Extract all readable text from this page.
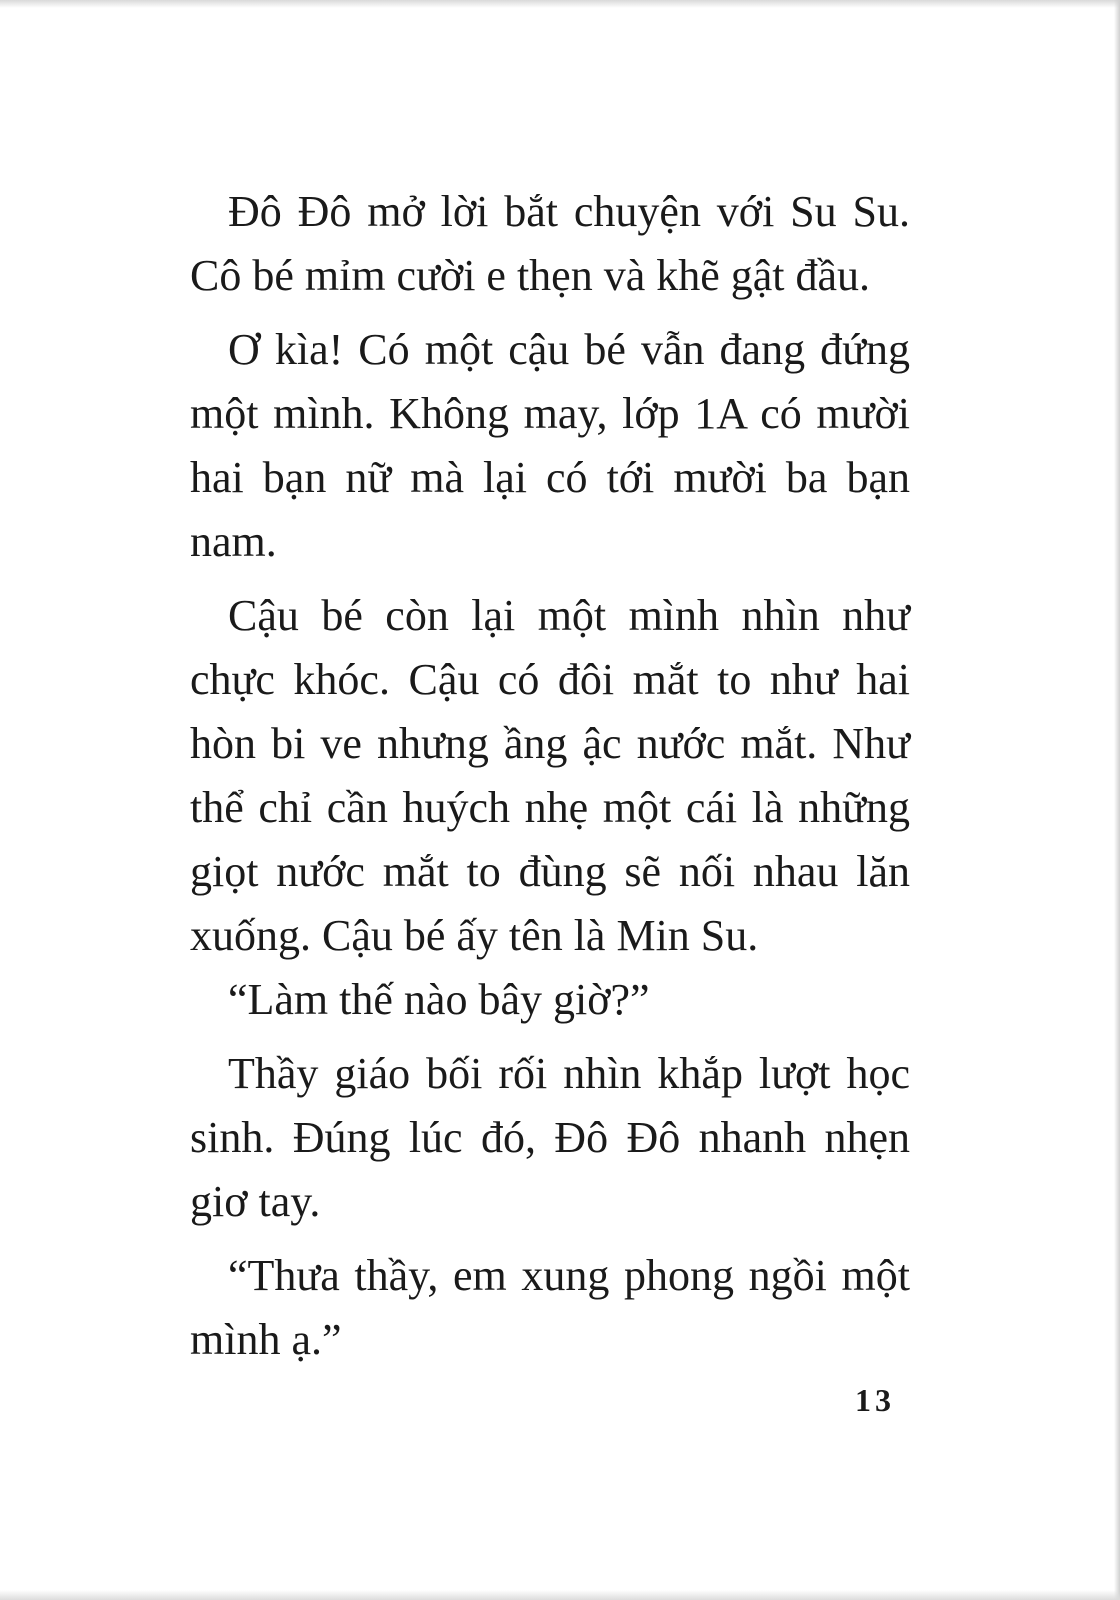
Đô Đô mở lời bắt chuyện với Su Su.
Cô bé mỉm cười e thẹn và khẽ gật đầu.
Ơ kìa! Có một cậu bé vẫn đang đứng
một mình. Không may, lớp 1A có mười
hai bạn nữ mà lại có tới mười ba bạn
nam.
Cậu bé còn lại một mình nhìn như
chực khóc. Cậu có đôi mắt to như hai
hòn bi ve nhưng ầng ậc nước mắt. Như
thể chỉ cần huých nhẹ một cái là những
giọt nước mắt to đùng sẽ nối nhau lăn
xuống. Cậu bé ấy tên là Min Su.
“Làm thế nào bây giờ?”
Thầy giáo bối rối nhìn khắp lượt học
sinh. Đúng lúc đó, Đô Đô nhanh nhẹn
giơ tay.
“Thưa thầy, em xung phong ngồi một
mình ạ.”
13
